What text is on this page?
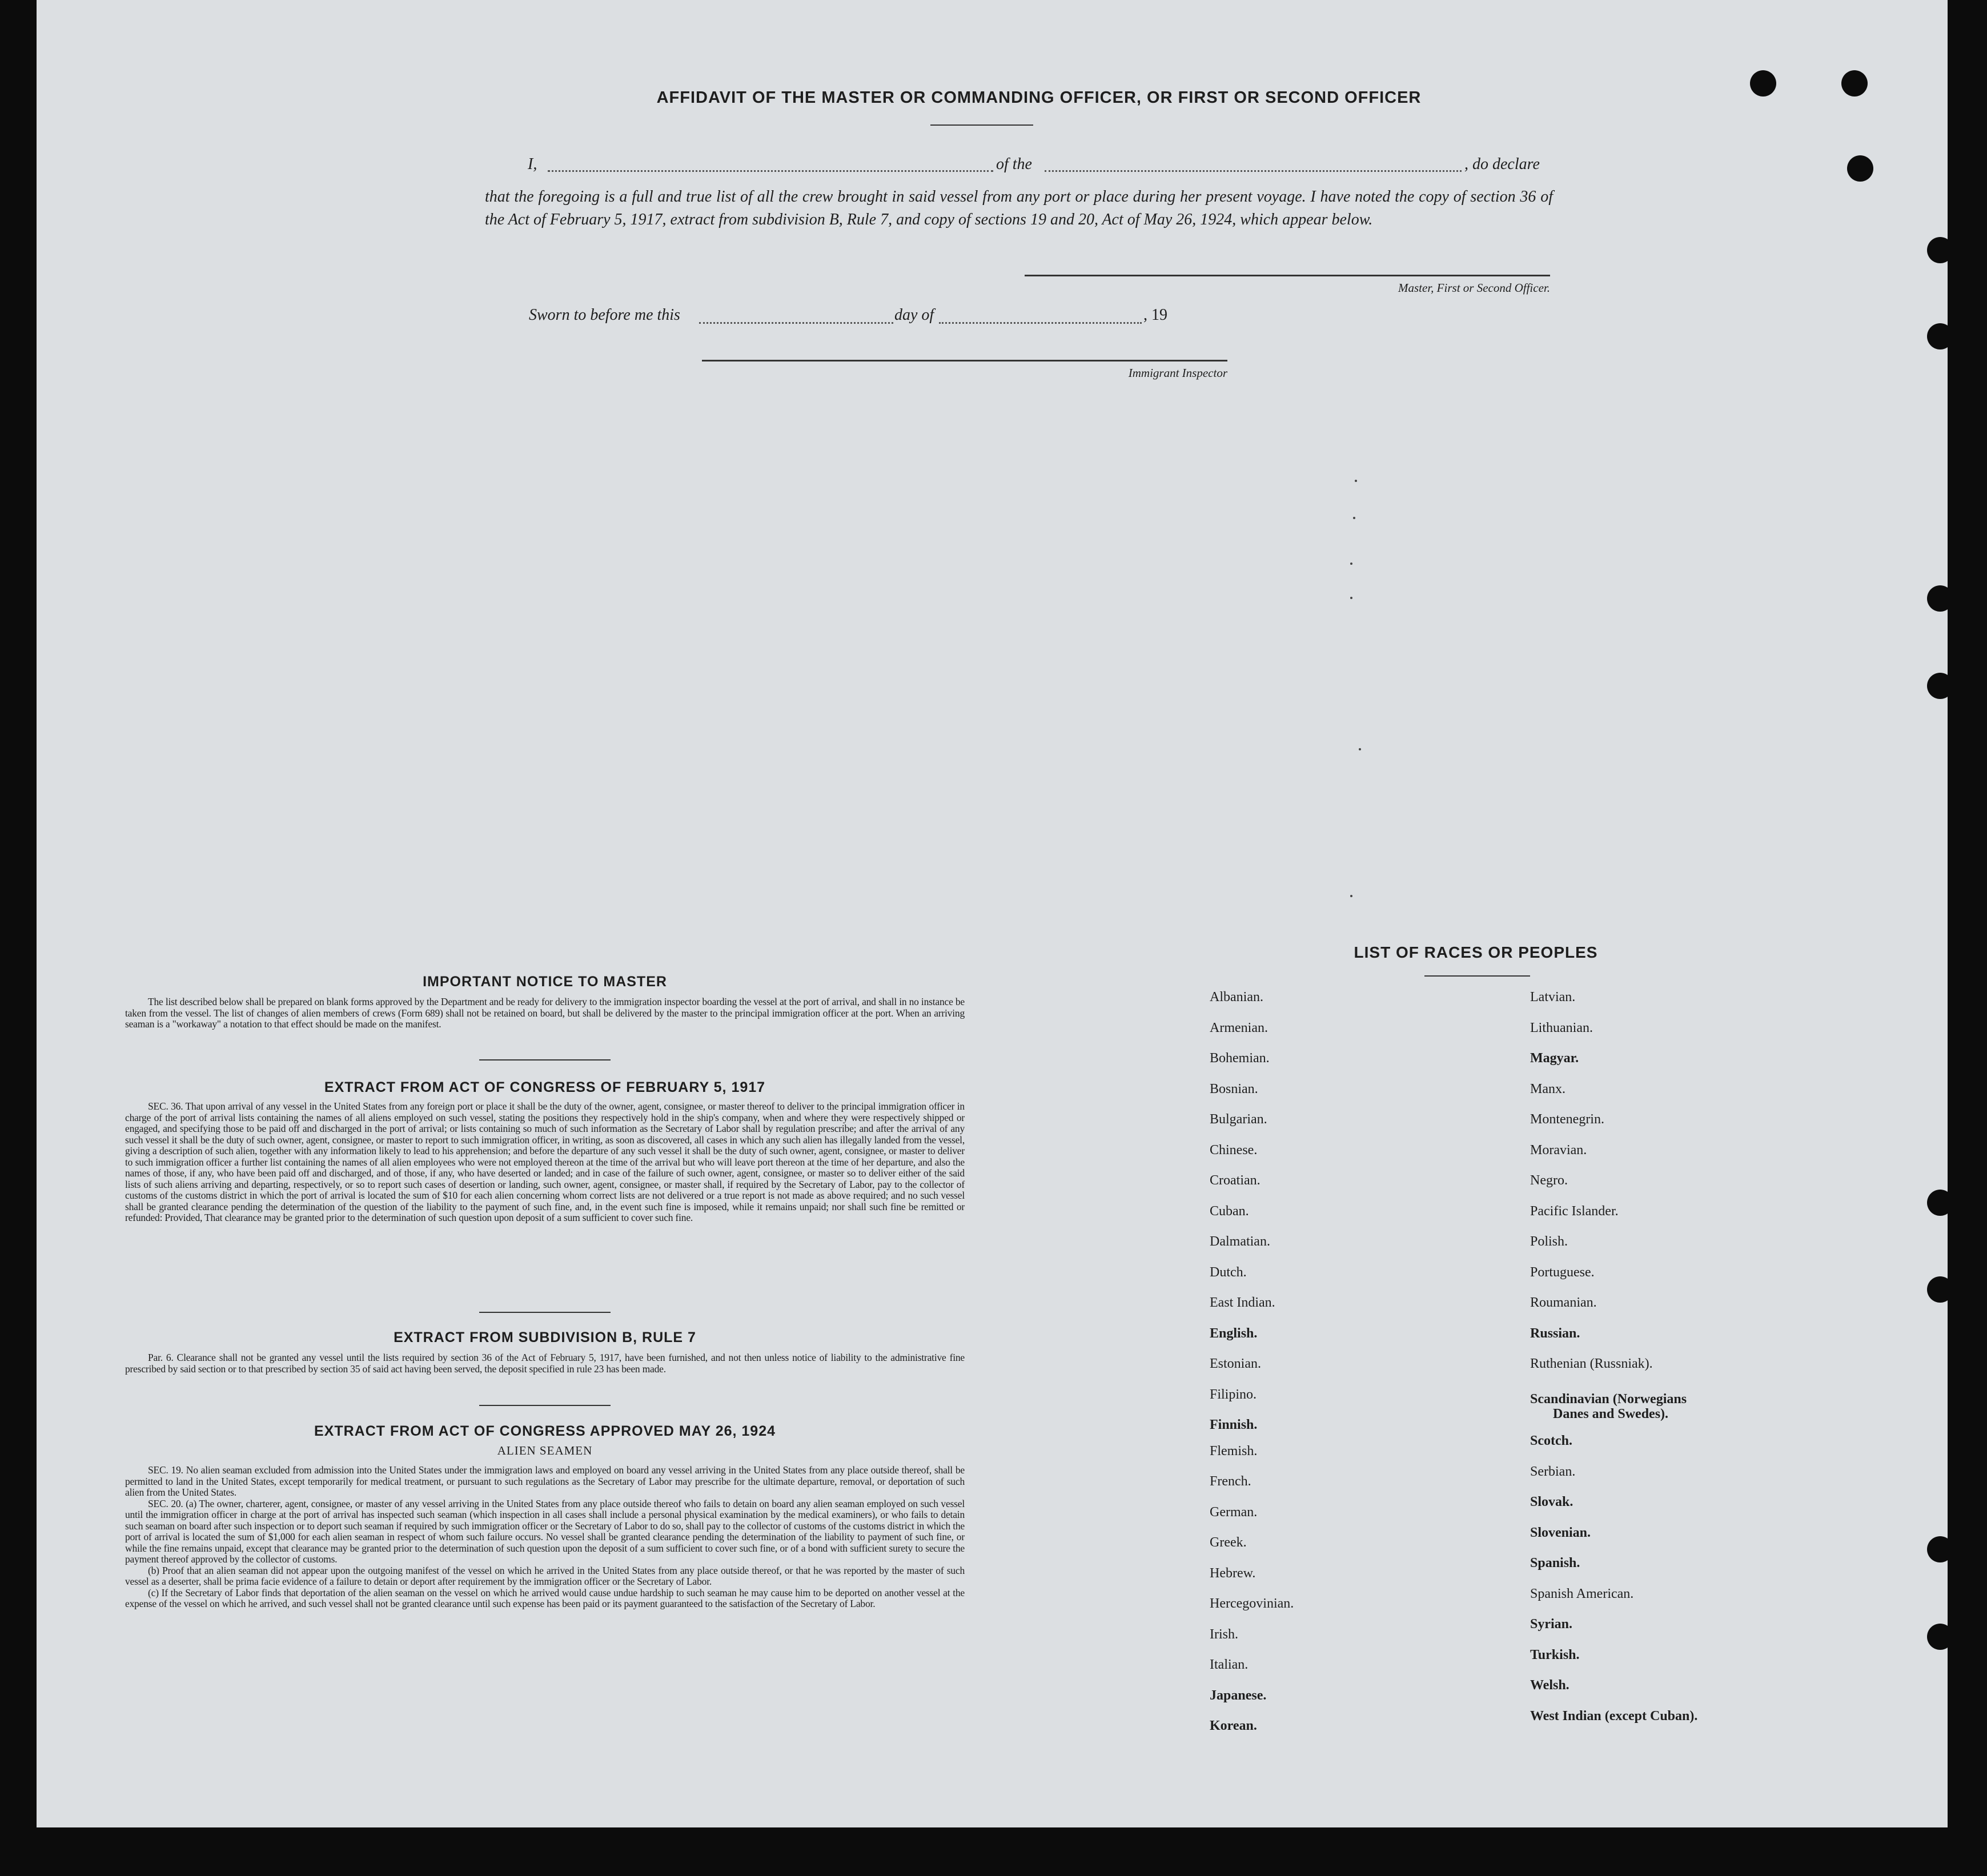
AFFIDAVIT OF THE MASTER OR COMMANDING OFFICER, OR FIRST OR SECOND OFFICER
I,	of the	, do declare
that the foregoing is a full and true list of all the crew brought in said vessel from any port or place during her present voyage. I have noted the copy of section 36 of the Act of February 5, 1917, extract from subdivision B, Rule 7, and copy of sections 19 and 20, Act of May 26, 1924, which appear below.
Master, First or Second Officer.
Sworn to before me this	day of	, 19
Immigrant Inspector
IMPORTANT NOTICE TO MASTER

The list described below shall be prepared on blank forms approved by the Department and be ready for delivery to the immigration inspector boarding the vessel at the port of arrival, and shall in no instance be taken from the vessel. The list of changes of alien members of crews (Form 689) shall not be retained on board, but shall be delivered by the master to the principal immigration officer at the port. When an arriving seaman is a "workaway" a notation to that effect should be made on the manifest.

EXTRACT FROM ACT OF CONGRESS OF FEBRUARY 5, 1917

SEC. 36. That upon arrival of any vessel in the United States from any foreign port or place it shall be the duty of the owner, agent, consignee, or master thereof to deliver to the principal immigration officer in charge of the port of arrival lists containing the names of all aliens employed on such vessel, stating the positions they respectively hold in the ship's company, when and where they were respectively shipped or engaged, and specifying those to be paid off and discharged in the port of arrival; or lists containing so much of such information as the Secretary of Labor shall by regulation prescribe; and after the arrival of any such vessel it shall be the duty of such owner, agent, consignee, or master to report to such immigration officer, in writing, as soon as discovered, all cases in which any such alien has illegally landed from the vessel, giving a description of such alien, together with any information likely to lead to his apprehension; and before the departure of any such vessel it shall be the duty of such owner, agent, consignee, or master to deliver to such immigration officer a further list containing the names of all alien employees who were not employed thereon at the time of the arrival but who will leave port thereon at the time of her departure, and also the names of those, if any, who have been paid off and discharged, and of those, if any, who have deserted or landed; and in case of the failure of such owner, agent, consignee, or master so to deliver either of the said lists of such aliens arriving and departing, respectively, or so to report such cases of desertion or landing, such owner, agent, consignee, or master shall, if required by the Secretary of Labor, pay to the collector of customs of the customs district in which the port of arrival is located the sum of $10 for each alien concerning whom correct lists are not delivered or a true report is not made as above required; and no such vessel shall be granted clearance pending the determination of the question of the liability to the payment of such fine, and, in the event such fine is imposed, while it remains unpaid; nor shall such fine be remitted or refunded: Provided, That clearance may be granted prior to the determination of such question upon deposit of a sum sufficient to cover such fine.

EXTRACT FROM SUBDIVISION B, RULE 7

Par. 6. Clearance shall not be granted any vessel until the lists required by section 36 of the Act of February 5, 1917, have been furnished, and not then unless notice of liability to the administrative fine prescribed by said section or to that prescribed by section 35 of said act having been served, the deposit specified in rule 23 has been made.

EXTRACT FROM ACT OF CONGRESS APPROVED MAY 26, 1924
ALIEN SEAMEN

SEC. 19. No alien seaman excluded from admission into the United States under the immigration laws and employed on board any vessel arriving in the United States from any place outside thereof, shall be permitted to land in the United States, except temporarily for medical treatment, or pursuant to such regulations as the Secretary of Labor may prescribe for the ultimate departure, removal, or deportation of such alien from the United States.

SEC. 20. (a) The owner, charterer, agent, consignee, or master of any vessel arriving in the United States from any place outside thereof who fails to detain on board any alien seaman employed on such vessel until the immigration officer in charge at the port of arrival has inspected such seaman (which inspection in all cases shall include a personal physical examination by the medical examiners), or who fails to detain such seaman on board after such inspection or to deport such seaman if required by such immigration officer or the Secretary of Labor to do so, shall pay to the collector of customs of the customs district in which the port of arrival is located the sum of $1,000 for each alien seaman in respect of whom such failure occurs. No vessel shall be granted clearance pending the determination of the liability to payment of such fine, or while the fine remains unpaid, except that clearance may be granted prior to the determination of such question upon the deposit of a sum sufficient to cover such fine, or of a bond with sufficient surety to secure the payment thereof approved by the collector of customs.

(b) Proof that an alien seaman did not appear upon the outgoing manifest of the vessel on which he arrived in the United States from any place outside thereof, or that he was reported by the master of such vessel as a deserter, shall be prima facie evidence of a failure to detain or deport after requirement by the immigration officer or the Secretary of Labor.

(c) If the Secretary of Labor finds that deportation of the alien seaman on the vessel on which he arrived would cause undue hardship to such seaman he may cause him to be deported on another vessel at the expense of the vessel on which he arrived, and such vessel shall not be granted clearance until such expense has been paid or its payment guaranteed to the satisfaction of the Secretary of Labor.

LIST OF RACES OR PEOPLES
Albanian.
Armenian.
Bohemian.
Bosnian.
Bulgarian.
Chinese.
Croatian.
Cuban.
Dalmatian.
Dutch.
East Indian.
English.
Estonian.
Filipino.
Finnish.
Flemish.
French.
German.
Greek.
Hebrew.
Hercegovinian.
Irish.
Italian.
Japanese.
Korean.
Latvian.
Lithuanian.
Magyar.
Manx.
Montenegrin.
Moravian.
Negro.
Pacific Islander.
Polish.
Portuguese.
Roumanian.
Russian.
Ruthenian (Russniak).
Scandinavian (Norwegians
Danes and Swedes).
Scotch.
Serbian.
Slovak.
Slovenian.
Spanish.
Spanish American.
Syrian.
Turkish.
Welsh.
West Indian (except Cuban).
